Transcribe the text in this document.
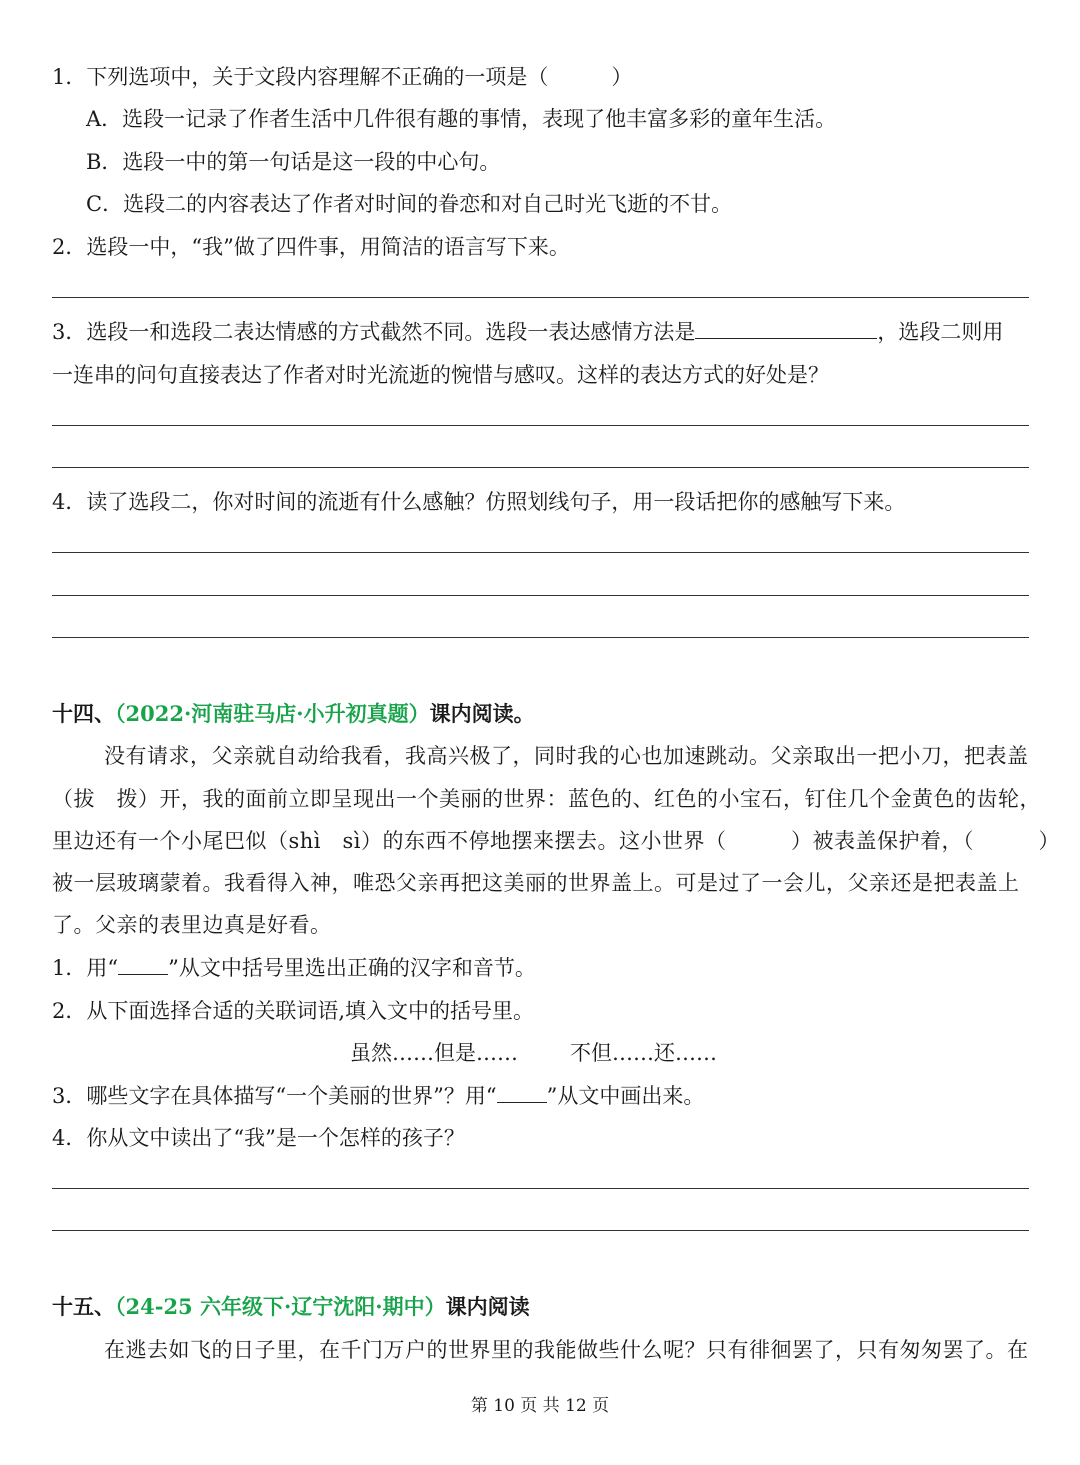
1．下列选项中，关于文段内容理解不正确的一项是（　　　）
A．选段一记录了作者生活中几件很有趣的事情，表现了他丰富多彩的童年生活。
B．选段一中的第一句话是这一段的中心句。
C．选段二的内容表达了作者对时间的眷恋和对自己时光飞逝的不甘。
2．选段一中，“我”做了四件事，用简洁的语言写下来。
3．选段一和选段二表达情感的方式截然不同。选段一表达感情方法是	，选段二则用
一连串的问句直接表达了作者对时光流逝的惋惜与感叹。这样的表达方式的好处是？
4．读了选段二，你对时间的流逝有什么感触？仿照划线句子，用一段话把你的感触写下来。
十四、（2022·河南驻马店·小升初真题）课内阅读。
没有请求，父亲就自动给我看，我高兴极了，同时我的心也加速跳动。父亲取出一把小刀，把表盖
（拔　拨）开，我的面前立即呈现出一个美丽的世界：蓝色的、红色的小宝石，钉住几个金黄色的齿轮，
里边还有一个小尾巴似（shì　sì）的东西不停地摆来摆去。这小世界（　　　）被表盖保护着，（　　　）
被一层玻璃蒙着。我看得入神，唯恐父亲再把这美丽的世界盖上。可是过了一会儿，父亲还是把表盖上
了。父亲的表里边真是好看。
1．用“ ”从文中括号里选出正确的汉字和音节。
2．从下面选择合适的关联词语,填入文中的括号里。
虽然……但是…… 不但……还……
3．哪些文字在具体描写“一个美丽的世界”？用“ ”从文中画出来。
4．你从文中读出了“我”是一个怎样的孩子？
十五、（24-25 六年级下·辽宁沈阳·期中）课内阅读
在逃去如飞的日子里，在千门万户的世界里的我能做些什么呢？只有徘徊罢了，只有匆匆罢了。在
第 10 页 共 12 页
